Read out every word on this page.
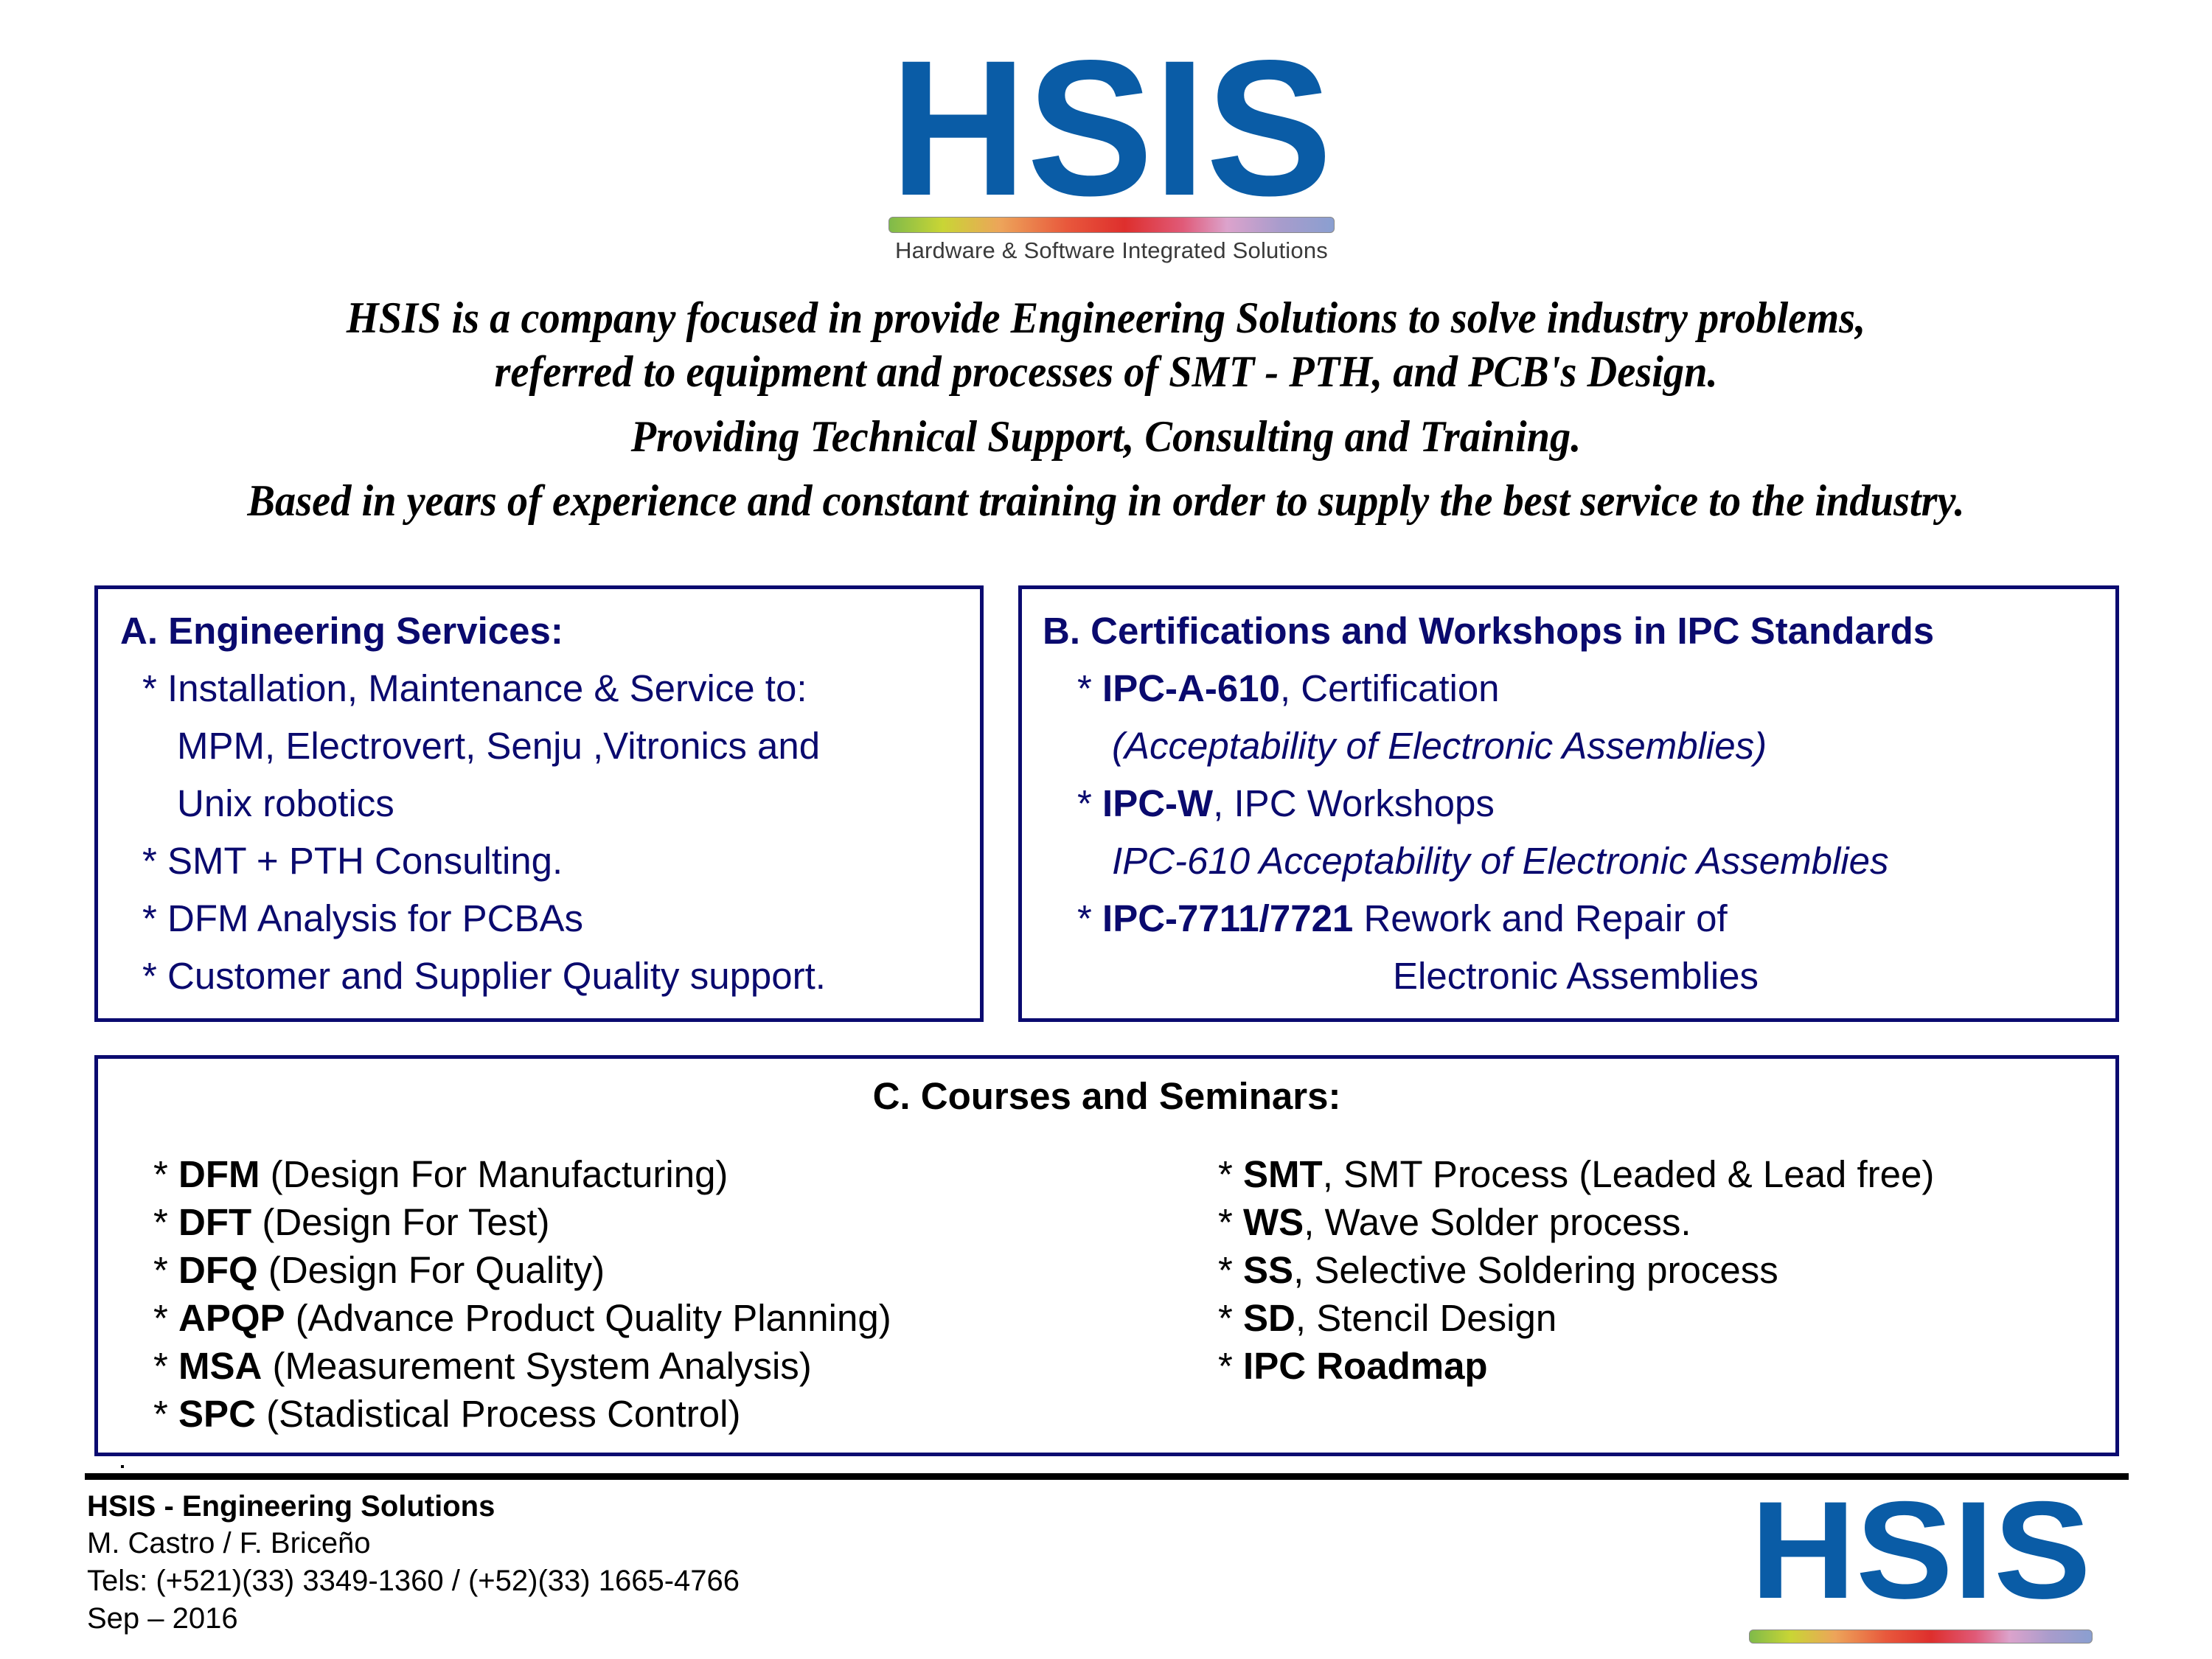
HSIS
Hardware & Software Integrated Solutions
HSIS is a company focused in provide Engineering Solutions to solve industry problems,
referred to equipment and processes of SMT - PTH, and PCB's Design.
Providing Technical Support, Consulting and Training.
Based in years of experience and constant training in order to supply the best service to the industry.
A. Engineering Services:
* Installation, Maintenance & Service to:
MPM, Electrovert, Senju ,Vitronics and
Unix robotics
* SMT + PTH Consulting.
* DFM Analysis for PCBAs
* Customer and Supplier Quality support.
B. Certifications and Workshops in IPC Standards
* IPC-A-610, Certification
(Acceptability of Electronic Assemblies)
* IPC-W, IPC Workshops
IPC-610 Acceptability of Electronic Assemblies
* IPC-7711/7721 Rework and Repair of
Electronic Assemblies
C. Courses and Seminars:
* DFM (Design For Manufacturing)
* DFT (Design For Test)
* DFQ (Design For Quality)
* APQP (Advance Product Quality Planning)
* MSA (Measurement System Analysis)
* SPC (Stadistical Process Control)
* SMT, SMT Process (Leaded & Lead free)
* WS, Wave Solder process.
* SS, Selective Soldering process
* SD, Stencil Design
* IPC Roadmap
HSIS - Engineering Solutions
M. Castro / F. Briceño
Tels: (+521)(33) 3349-1360 / (+52)(33) 1665-4766
Sep – 2016	HSIS
